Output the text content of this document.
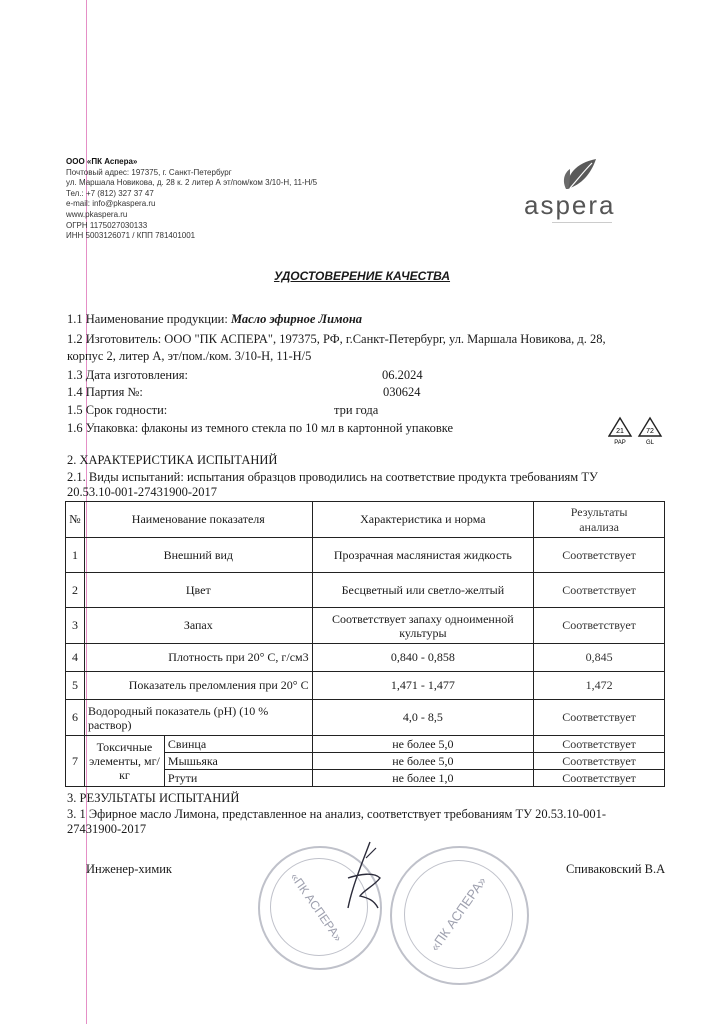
ООО «ПК Аспера»
Почтовый адрес: 197375, г. Санкт-Петербург
ул. Маршала Новикова, д. 28 к. 2 литер А эт/пом/ком 3/10-Н, 11-Н/5
Тел.: +7 (812) 327 37 47
e-mail: info@pkaspera.ru
www.pkaspera.ru
ОГРН 1175027030133
ИНН 5003126071 / КПП 781401001
aspera
УДОСТОВЕРЕНИЕ КАЧЕСТВА
1.1 Наименование продукции: Масло эфирное Лимона
1.2 Изготовитель: ООО "ПК АСПЕРА", 197375, РФ, г.Санкт-Петербург, ул. Маршала Новикова, д. 28,
корпус 2, литер А, эт/пом./ком. 3/10-Н, 11-Н/5
1.3 Дата изготовления:	06.2024
1.4 Партия №:	030624
1.5 Срок годности:	три года
1.6 Упаковка: флаконы из темного стекла по 10 мл в картонной упаковке	21
PAP
72
GL
2. ХАРАКТЕРИСТИКА ИСПЫТАНИЙ
2.1. Виды испытаний: испытания образцов проводились на соответствие продукта требованиям ТУ
20.53.10-001-27431900-2017
№	Наименование показателя		Характеристика и норма	Результаты
анализа

1	Внешний вид		Прозрачная маслянистая жидкость	Соответствует
2	Цвет		Бесцветный или светло-желтый	Соответствует
3	Запах		Соответствует запаху одноименной культуры	Соответствует
4	Плотность при 20° С, г/см3		0,840 - 0,858	0,845
5	Показатель преломления при 20° С		1,471 - 1,477	1,472
6	Водородный показатель (рН) (10 % раствор)		4,0 - 8,5	Соответствует
7	Токсичные элементы, мг/кг	Свинца	не более 5,0	Соответствует
		Мышьяка	не более 5,0	Соответствует
		Ртути	не более 1,0	Соответствует
3. РЕЗУЛЬТАТЫ ИСПЫТАНИЙ
3. 1 Эфирное масло Лимона, представленное на анализ, соответствует требованиям ТУ 20.53.10-001-
27431900-2017
Инженер-химик	Спиваковский В.А
«ПК АСПЕРА»	«ПК АСПЕРА»
